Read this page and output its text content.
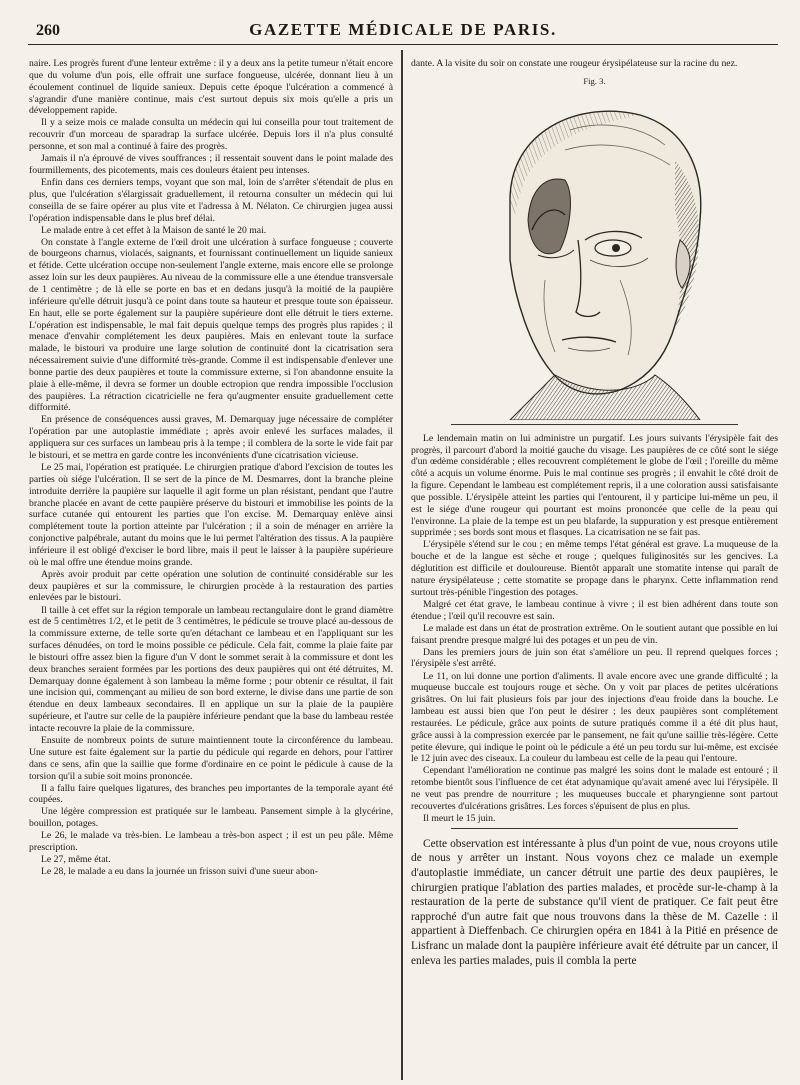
260	GAZETTE MÉDICALE DE PARIS.

naire. Les progrès furent d'une lenteur extrême : il y a deux ans la petite tumeur n'était encore que du volume d'un pois, elle offrait une surface fongueuse, ulcérée, donnant lieu à un écoulement continuel de liquide sanieux. Depuis cette époque l'ulcération a commencé à s'agrandir d'une manière continue, mais c'est surtout depuis six mois qu'elle a pris un développement rapide.

Il y a seize mois ce malade consulta un médecin qui lui conseilla pour tout traitement de recouvrir d'un morceau de sparadrap la surface ulcérée. Depuis lors il n'a plus consulté personne, et son mal a continué à faire des progrès.

Jamais il n'a éprouvé de vives souffrances ; il ressentait souvent dans le point malade des fourmillements, des picotements, mais ces douleurs étaient peu intenses.

Enfin dans ces derniers temps, voyant que son mal, loin de s'arrêter s'étendait de plus en plus, que l'ulcération s'élargissait graduellement, il retourna consulter un médecin qui lui conseilla de se faire opérer au plus vite et l'adressa à M. Nélaton. Ce chirurgien jugea aussi l'opération indispensable dans le plus bref délai.

Le malade entre à cet effet à la Maison de santé le 20 mai.

On constate à l'angle externe de l'œil droit une ulcération à surface fongueuse ; couverte de bourgeons charnus, violacés, saignants, et fournissant continuellement un liquide sanieux et fétide. Cette ulcération occupe non-seulement l'angle externe, mais encore elle se prolonge assez loin sur les deux paupières. Au niveau de la commissure elle a une étendue transversale de 1 centimètre ; de là elle se porte en bas et en dedans jusqu'à la moitié de la paupière inférieure qu'elle détruit jusqu'à ce point dans toute sa hauteur et presque toute son épaisseur. En haut, elle se porte également sur la paupière supérieure dont elle détruit le tiers externe. L'opération est indispensable, le mal fait depuis quelque temps des progrès plus rapides ; il menace d'envahir complétement les deux paupières. Mais en enlevant toute la surface malade, le bistouri va produire une large solution de continuité dont la cicatrisation sera nécessairement suivie d'une difformité très-grande. Comme il est indispensable d'enlever une bonne partie des deux paupières et toute la commissure externe, si l'on abandonne ensuite la plaie à elle-même, il devra se former un double ectropion que rendra impossible l'occlusion des paupières. La rétraction cicatricielle ne fera qu'augmenter ensuite graduellement cette difformité.

En présence de conséquences aussi graves, M. Demarquay juge nécessaire de compléter l'opération par une autoplastie immédiate ; après avoir enlevé les surfaces malades, il appliquera sur ces surfaces un lambeau pris à la tempe ; il comblera de la sorte le vide fait par le bistouri, et se mettra en garde contre les inconvénients d'une cicatrisation vicieuse.

Le 25 mai, l'opération est pratiquée. Le chirurgien pratique d'abord l'excision de toutes les parties où siége l'ulcération. Il se sert de la pince de M. Desmarres, dont la branche pleine introduite derrière la paupière sur laquelle il agit forme un plan résistant, pendant que l'autre branche placée en avant de cette paupière préserve du bistouri et immobilise les points de la surface cutanée qui entourent les parties que l'on excise. M. Demarquay enlève ainsi complétement toute la portion atteinte par l'ulcération ; il a soin de ménager en arrière la conjonctive palpébrale, autant du moins que le lui permet l'altération des tissus. A la paupière inférieure il est obligé d'exciser le bord libre, mais il peut le laisser à la paupière supérieure où le mal offre une étendue moins grande.

Après avoir produit par cette opération une solution de continuité considérable sur les deux paupières et sur la commissure, le chirurgien procède à la restauration des parties enlevées par le bistouri.

Il taille à cet effet sur la région temporale un lambeau rectangulaire dont le grand diamètre est de 5 centimètres 1/2, et le petit de 3 centimètres, le pédicule se trouve placé au-dessous de la commissure externe, de telle sorte qu'en détachant ce lambeau et en l'appliquant sur les surfaces dénudées, on tord le moins possible ce pédicule. Cela fait, comme la plaie faite par le bistouri offre assez bien la figure d'un V dont le sommet serait à la commissure et dont les deux branches seraient formées par les portions des deux paupières qui ont été détruites, M. Demarquay donne également à son lambeau la même forme ; pour obtenir ce résultat, il fait une incision qui, commençant au milieu de son bord externe, le divise dans une partie de son étendue en deux lambeaux secondaires. Il en applique un sur la plaie de la paupière supérieure, et l'autre sur celle de la paupière inférieure pendant que la base du lambeau restée intacte recouvre la plaie de la commissure.

Ensuite de nombreux points de suture maintiennent toute la circonférence du lambeau. Une suture est faite également sur la partie du pédicule qui regarde en dehors, pour l'attirer dans ce sens, afin que la saillie que forme d'ordinaire en ce point le pédicule à cause de la torsion qu'il a subie soit moins prononcée.

Il a fallu faire quelques ligatures, des branches peu importantes de la temporale ayant été coupées.

Une légère compression est pratiquée sur le lambeau. Pansement simple à la glycérine, bouillon, potages.

Le 26, le malade va très-bien. Le lambeau a très-bon aspect ; il est un peu pâle. Même prescription.

Le 27, même état.

Le 28, le malade a eu dans la journée un frisson suivi d'une sueur abon-

dante. A la visite du soir on constate une rougeur érysipélateuse sur la racine du nez.

Fig. 3.

Le lendemain matin on lui administre un purgatif. Les jours suivants l'érysipèle fait des progrès, il parcourt d'abord la moitié gauche du visage. Les paupières de ce côté sont le siége d'un œdème considérable ; elles recouvrent complétement le globe de l'œil ; l'oreille du même côté a acquis un volume énorme. Puis le mal continue ses progrès ; il envahit le côté droit de la figure. Cependant le lambeau est complétement repris, il a une coloration aussi satisfaisante que possible. L'érysipèle atteint les parties qui l'entourent, il y participe lui-même un peu, il est le siége d'une rougeur qui pourtant est moins prononcée que celle de la peau qui l'environne. La plaie de la tempe est un peu blafarde, la suppuration y est presque entièrement supprimée ; ses bords sont mous et flasques. La cicatrisation ne se fait pas.

L'érysipèle s'étend sur le cou ; en même temps l'état général est grave. La muqueuse de la bouche et de la langue est sèche et rouge ; quelques fuliginosités sur les gencives. La déglutition est difficile et douloureuse. Bientôt apparaît une stomatite intense qui paraît de nature érysipélateuse ; cette stomatite se propage dans le pharynx. Cette inflammation rend surtout très-pénible l'ingestion des potages.

Malgré cet état grave, le lambeau continue à vivre ; il est bien adhérent dans toute son étendue ; l'œil qu'il recouvre est sain.

Le malade est dans un état de prostration extrême. On le soutient autant que possible en lui faisant prendre presque malgré lui des potages et un peu de vin.

Dans les premiers jours de juin son état s'améliore un peu. Il reprend quelques forces ; l'érysipèle s'est arrêté.

Le 11, on lui donne une portion d'aliments. Il avale encore avec une grande difficulté ; la muqueuse buccale est toujours rouge et sèche. On y voit par places de petites ulcérations grisâtres. On lui fait plusieurs fois par jour des injections d'eau froide dans la bouche. Le lambeau est aussi bien que l'on peut le désirer ; les deux paupières sont complétement restaurées. Le pédicule, grâce aux points de suture pratiqués comme il a été dit plus haut, grâce aussi à la compression exercée par le pansement, ne fait qu'une saillie très-légère. Cette petite élevure, qui indique le point où le pédicule a été un peu tordu sur lui-même, est excisée le 12 juin avec des ciseaux. La couleur du lambeau est celle de la peau qui l'entoure.

Cependant l'amélioration ne continue pas malgré les soins dont le malade est entouré ; il retombe bientôt sous l'influence de cet état adynamique qu'avait amené avec lui l'érysipèle. Il ne veut pas prendre de nourriture ; les muqueuses buccale et pharyngienne sont partout recouvertes d'ulcérations grisâtres. Les forces s'épuisent de plus en plus.

Il meurt le 15 juin.

Cette observation est intéressante à plus d'un point de vue, nous croyons utile de nous y arrêter un instant. Nous voyons chez ce malade un exemple d'autoplastie immédiate, un cancer détruit une partie des deux paupières, le chirurgien pratique l'ablation des parties malades, et procède sur-le-champ à la restauration de la perte de substance qu'il vient de pratiquer. Ce fait peut être rapproché d'un autre fait que nous trouvons dans la thèse de M. Cazelle : il appartient à Dieffenbach. Ce chirurgien opéra en 1841 à la Pitié en présence de Lisfranc un malade dont la paupière inférieure avait été détruite par un cancer, il enleva les parties malades, puis il combla la perte
